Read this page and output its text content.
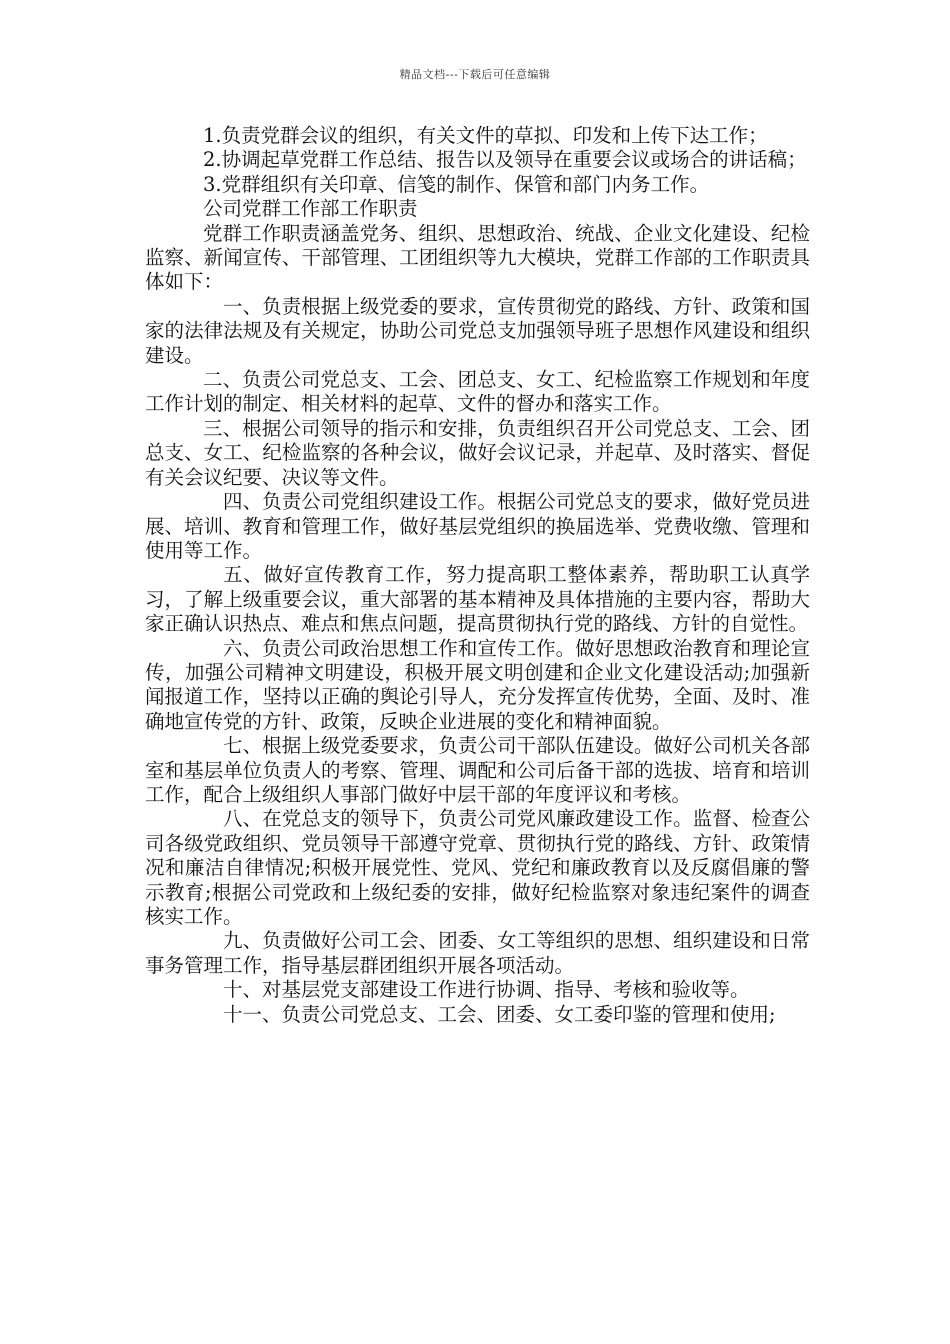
精品文档---下载后可任意编辑

1.负责党群会议的组织，有关文件的草拟、印发和上传下达工作；

2.协调起草党群工作总结、报告以及领导在重要会议或场合的讲话稿；

3.党群组织有关印章、信笺的制作、保管和部门内务工作。

公司党群工作部工作职责

党群工作职责涵盖党务、组织、思想政治、统战、企业文化建设、纪检监察、新闻宣传、干部管理、工团组织等九大模块，党群工作部的工作职责具体如下：

一、负责根据上级党委的要求，宣传贯彻党的路线、方针、政策和国家的法律法规及有关规定，协助公司党总支加强领导班子思想作风建设和组织建设。

二、负责公司党总支、工会、团总支、女工、纪检监察工作规划和年度工作计划的制定、相关材料的起草、文件的督办和落实工作。

三、根据公司领导的指示和安排，负责组织召开公司党总支、工会、团总支、女工、纪检监察的各种会议，做好会议记录，并起草、及时落实、督促有关会议纪要、决议等文件。

四、负责公司党组织建设工作。根据公司党总支的要求，做好党员进展、培训、教育和管理工作，做好基层党组织的换届选举、党费收缴、管理和使用等工作。

五、做好宣传教育工作，努力提高职工整体素养，帮助职工认真学习，了解上级重要会议，重大部署的基本精神及具体措施的主要内容，帮助大家正确认识热点、难点和焦点问题，提高贯彻执行党的路线、方针的自觉性。

六、负责公司政治思想工作和宣传工作。做好思想政治教育和理论宣传，加强公司精神文明建设，积极开展文明创建和企业文化建设活动;加强新闻报道工作，坚持以正确的舆论引导人，充分发挥宣传优势，全面、及时、准确地宣传党的方针、政策，反映企业进展的变化和精神面貌。

七、根据上级党委要求，负责公司干部队伍建设。做好公司机关各部室和基层单位负责人的考察、管理、调配和公司后备干部的选拔、培育和培训工作，配合上级组织人事部门做好中层干部的年度评议和考核。

八、在党总支的领导下，负责公司党风廉政建设工作。监督、检查公司各级党政组织、党员领导干部遵守党章、贯彻执行党的路线、方针、政策情况和廉洁自律情况;积极开展党性、党风、党纪和廉政教育以及反腐倡廉的警示教育;根据公司党政和上级纪委的安排，做好纪检监察对象违纪案件的调查核实工作。

九、负责做好公司工会、团委、女工等组织的思想、组织建设和日常事务管理工作，指导基层群团组织开展各项活动。

十、对基层党支部建设工作进行协调、指导、考核和验收等。

十一、负责公司党总支、工会、团委、女工委印鉴的管理和使用;
